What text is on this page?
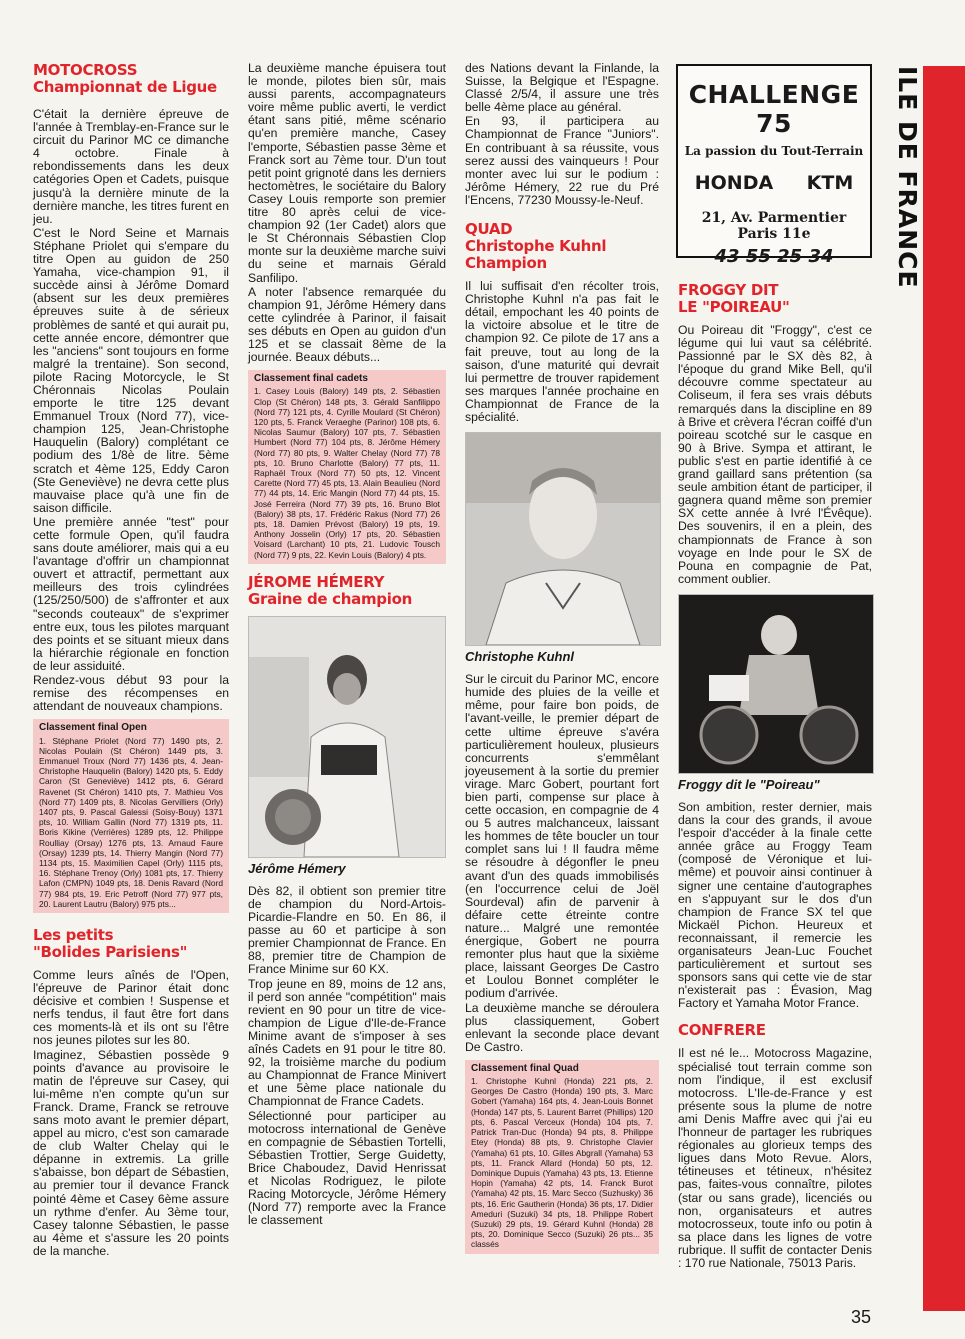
ILE DE FRANCE
MOTOCROSS
Championnat de Ligue

C'était la dernière épreuve de l'année à Tremblay-en-France sur le circuit du Parinor MC ce dimanche 4 octobre. Finale à rebondissements dans les deux catégories Open et Cadets, puisque jusqu'à la dernière minute de la dernière manche, les titres furent en jeu.

C'est le Nord Seine et Marnais Stéphane Priolet qui s'empare du titre Open au guidon de 250 Yamaha, vice-champion 91, il succède ainsi à Jérôme Domard (absent sur les deux premières épreuves suite à de sérieux problèmes de santé et qui aurait pu, cette année encore, démontrer que les "anciens" sont toujours en forme malgré la trentaine). Son second, pilote Racing Motorcycle, le St Chéronnais Nicolas Poulain emporte le titre 125 devant Emmanuel Troux (Nord 77), vice-champion 125, Jean-Christophe Hauquelin (Balory) complétant ce podium des 1/8è de litre. 5ème scratch et 4ème 125, Eddy Caron (Ste Geneviève) ne devra cette plus mauvaise place qu'à une fin de saison difficile.

Une première année "test" pour cette formule Open, qu'il faudra sans doute améliorer, mais qui a eu l'avantage d'offrir un championnat ouvert et attractif, permettant aux meilleurs des trois cylindrées (125/250/500) de s'affronter et aux "seconds couteaux" de s'exprimer entre eux, tous les pilotes marquant des points et se situant mieux dans la hiérarchie régionale en fonction de leur assiduité.

Rendez-vous début 93 pour la remise des récompenses en attendant de nouveaux champions.

Classement final Open
1. Stéphane Priolet (Nord 77) 1490 pts, 2. Nicolas Poulain (St Chéron) 1449 pts, 3. Emmanuel Troux (Nord 77) 1436 pts, 4. Jean-Christophe Hauquelin (Balory) 1420 pts, 5. Eddy Caron (St Geneviève) 1412 pts, 6. Gérard Ravenet (St Chéron) 1410 pts, 7. Mathieu Vos (Nord 77) 1409 pts, 8. Nicolas Gervilliers (Orly) 1407 pts, 9. Pascal Galessi (Soisy-Bouy) 1371 pts, 10. William Gallin (Nord 77) 1319 pts, 11. Boris Kikine (Verrières) 1289 pts, 12. Philippe Roulliay (Orsay) 1276 pts, 13. Arnaud Faure (Orsay) 1239 pts, 14. Thierry Mangin (Nord 77) 1134 pts, 15. Maximilien Capel (Orly) 1115 pts, 16. Stéphane Trenoy (Orly) 1081 pts, 17. Thierry Lafon (CMPN) 1049 pts, 18. Denis Ravard (Nord 77) 984 pts, 19. Eric Petroff (Nord 77) 977 pts, 20. Laurent Lautru (Balory) 975 pts...
Les petits
"Bolides Parisiens"

Comme leurs aînés de l'Open, l'épreuve de Parinor était donc décisive et combien ! Suspense et nerfs tendus, il faut être fort dans ces moments-là et ils ont su l'être nos jeunes pilotes sur les 80.

Imaginez, Sébastien possède 9 points d'avance au provisoire le matin de l'épreuve sur Casey, qui lui-même n'en compte qu'un sur Franck. Drame, Franck se retrouve sans moto avant le premier départ, appel au micro, c'est son camarade de club Walter Chelay qui le dépanne in extremis. La grille s'abaisse, bon départ de Sébastien, au premier tour il devance Franck pointé 4ème et Casey 6ème assure un rythme d'enfer. Au 3ème tour, Casey talonne Sébastien, le passe au 4ème et s'assure les 20 points de la manche.

La deuxième manche épuisera tout le monde, pilotes bien sûr, mais aussi parents, accompagnateurs voire même public averti, le verdict étant sans pitié, même scénario qu'en première manche, Casey l'emporte, Sébastien passe 3ème et Franck sort au 7ème tour. D'un tout petit point grignoté dans les derniers hectomètres, le sociétaire du Balory Casey Louis remporte son premier titre 80 après celui de vice-champion 92 (1er Cadet) alors que le St Chéronnais Sébastien Clop monte sur la deuxième marche suivi du seine et marnais Gérald Sanfilipo.

A noter l'absence remarquée du champion 91, Jérôme Hémery dans cette cylindrée à Parinor, il faisait ses débuts en Open au guidon d'un 125 et se classait 8ème de la journée. Beaux débuts...

Classement final cadets
1. Casey Louis (Balory) 149 pts, 2. Sébastien Clop (St Chéron) 148 pts, 3. Gérald Sanfilippo (Nord 77) 121 pts, 4. Cyrille Moulard (St Chéron) 120 pts, 5. Franck Veraeghe (Parinor) 108 pts, 6. Nicolas Saumur (Balory) 107 pts, 7. Sébastien Humbert (Nord 77) 104 pts, 8. Jérôme Hémery (Nord 77) 80 pts, 9. Walter Chelay (Nord 77) 78 pts, 10. Bruno Charlotte (Balory) 77 pts, 11. Raphaël Troux (Nord 77) 50 pts, 12. Vincent Carette (Nord 77) 45 pts, 13. Alain Beaulieu (Nord 77) 44 pts, 14. Eric Mangin (Nord 77) 44 pts, 15. José Ferreira (Nord 77) 39 pts, 16. Bruno Blot (Balory) 38 pts, 17. Frédéric Rakus (Nord 77) 26 pts, 18. Damien Prévost (Balory) 19 pts, 19. Anthony Josselin (Orly) 17 pts, 20. Sébastien Voisard (Larchant) 10 pts, 21. Ludovic Tousch (Nord 77) 9 pts, 22. Kevin Louis (Balory) 4 pts.
JÉROME HÉMERY
Graine de champion
Jérôme Hémery

Dès 82, il obtient son premier titre de champion du Nord-Artois-Picardie-Flandre en 50. En 86, il passe au 60 et participe à son premier Championnat de France. En 88, premier titre de Champion de France Minime sur 60 KX.

Trop jeune en 89, moins de 12 ans, il perd son année "compétition" mais revient en 90 pour un titre de vice-champion de Ligue d'Ile-de-France Minime avant de s'imposer à ses aînés Cadets en 91 pour le titre 80. 92, la troisième marche du podium au Championnat de France Minivert et une 5ème place nationale du Championnat de France Cadets.

Sélectionné pour participer au motocross international de Genève en compagnie de Sébastien Tortelli, Sébastien Trottier, Serge Guidetty, Brice Chaboudez, David Henrissat et Nicolas Rodriguez, le pilote Racing Motorcycle, Jérôme Hémery (Nord 77) remporte avec la France le classement

des Nations devant la Finlande, la Suisse, la Belgique et l'Espagne. Classé 2/5/4, il assure une très belle 4ème place au général.

En 93, il participera au Championnat de France "Juniors". En contribuant à sa réussite, vous serez aussi des vainqueurs ! Pour monter avec lui sur le podium : Jérôme Hémery, 22 rue du Pré l'Encens, 77230 Moussy-le-Neuf.

QUAD
Christophe Kuhnl
Champion

Il lui suffisait d'en récolter trois, Christophe Kuhnl n'a pas fait le détail, empochant les 40 points de la victoire absolue et le titre de champion 92. Ce pilote de 17 ans a fait preuve, tout au long de la saison, d'une maturité qui devrait lui permettre de trouver rapidement ses marques l'année prochaine en Championnat de France de la spécialité.

Christophe Kuhnl

Sur le circuit du Parinor MC, encore humide des pluies de la veille et même, pour faire bon poids, de l'avant-veille, le premier départ de cette ultime épreuve s'avéra particulièrement houleux, plusieurs concurrents s'emmêlant joyeusement à la sortie du premier virage. Marc Gobert, pourtant fort bien parti, compense sur place à cette occasion, en compagnie de 4 ou 5 autres malchanceux, laissant les hommes de tête boucler un tour complet sans lui ! Il faudra même se résoudre à dégonfler le pneu avant d'un des quads immobilisés (en l'occurrence celui de Joël Sourdeval) afin de parvenir à défaire cette étreinte contre nature... Malgré une remontée énergique, Gobert ne pourra remonter plus haut que la sixième place, laissant Georges De Castro et Loulou Bonnet compléter le podium d'arrivée.

La deuxième manche se déroulera plus classiquement, Gobert enlevant la seconde place devant De Castro.

Classement final Quad
1. Christophe Kuhnl (Honda) 221 pts, 2. Georges De Castro (Honda) 190 pts, 3. Marc Gobert (Yamaha) 164 pts, 4. Jean-Louis Bonnet (Honda) 147 pts, 5. Laurent Barret (Phillips) 120 pts, 6. Pascal Verceux (Honda) 104 pts, 7. Patrick Tran-Duc (Honda) 94 pts, 8. Philippe Etey (Honda) 88 pts, 9. Christophe Clavier (Yamaha) 61 pts, 10. Gilles Abgrall (Yamaha) 53 pts, 11. Franck Allard (Honda) 50 pts, 12. Dominique Dupuis (Yamaha) 43 pts, 13. Etienne Hopin (Yamaha) 42 pts, 14. Franck Burot (Yamaha) 42 pts, 15. Marc Secco (Suzhusky) 36 pts, 16. Eric Gautherin (Honda) 36 pts, 17. Didier Ameduri (Suzuki) 34 pts, 18. Philippe Robert (Suzuki) 29 pts, 19. Gérard Kuhnl (Honda) 28 pts, 20. Dominique Secco (Suzuki) 26 pts... 35 classés
CHALLENGE 75
La passion du Tout-Terrain
HONDA KTM
21, Av. Parmentier
Paris 11e
43 55 25 34
FROGGY DIT
LE "POIREAU"

Ou Poireau dit "Froggy", c'est ce légume qui lui vaut sa célébrité. Passionné par le SX dès 82, à l'époque du grand Mike Bell, qu'il découvre comme spectateur au Coliseum, il fera ses vrais débuts remarqués dans la discipline en 89 à Brive et crèvera l'écran coiffé d'un poireau scotché sur le casque en 90 à Brive. Sympa et attirant, le public s'est en partie identifié à ce grand gaillard sans prétention (sa seule ambition étant de participer, il gagnera quand même son premier SX cette année à Ivré l'Évêque). Des souvenirs, il en a plein, des championnats de France à son voyage en Inde pour le SX de Pouna en compagnie de Pat, comment oublier.

Froggy dit le "Poireau"

Son ambition, rester dernier, mais dans la cour des grands, il avoue l'espoir d'accéder à la finale cette année grâce au Froggy Team (composé de Véronique et lui-même) et pouvoir ainsi continuer à signer une centaine d'autographes en s'appuyant sur le dos d'un champion de France SX tel que Mickaël Pichon. Heureux et reconnaissant, il remercie les organisateurs Jean-Luc Fouchet particulièrement et surtout ses sponsors sans qui cette vie de star n'existerait pas : Évasion, Mag Factory et Yamaha Motor France.

CONFRERE

Il est né le... Motocross Magazine, spécialisé tout terrain comme son nom l'indique, il est exclusif motocross. L'Ile-de-France y est présente sous la plume de notre ami Denis Maffre avec qui j'ai eu l'honneur de partager les rubriques régionales au glorieux temps des ligues dans Moto Revue. Alors, tétineuses et tétineux, n'hésitez pas, faites-vous connaître, pilotes (star ou sans grade), licenciés ou non, organisateurs et autres motocrosseux, toute info ou potin à sa place dans les lignes de votre rubrique. Il suffit de contacter Denis : 170 rue Nationale, 75013 Paris.

35
